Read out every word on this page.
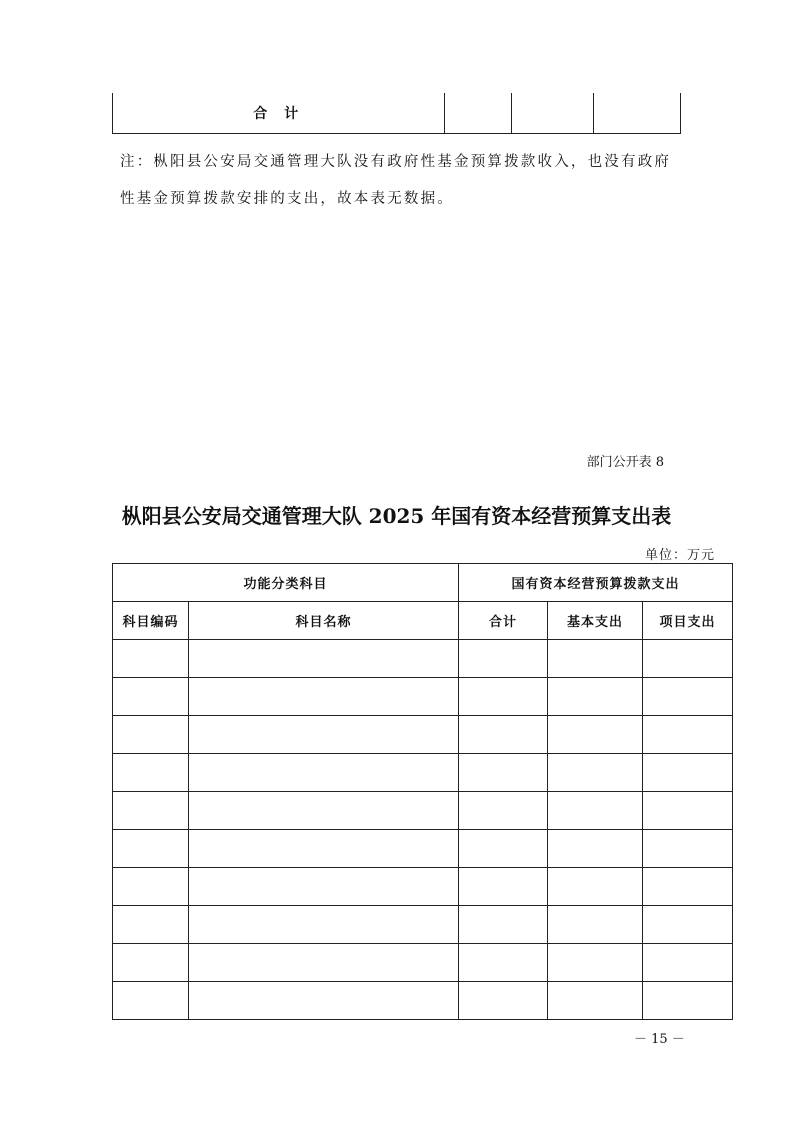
合 计			
注：枞阳县公安局交通管理大队没有政府性基金预算拨款收入，也没有政府
性基金预算拨款安排的支出，故本表无数据。
部门公开表 8
枞阳县公安局交通管理大队 2025 年国有资本经营预算支出表
单位：万元
功能分类科目		国有资本经营预算拨款支出		
科目编码	科目名称	合计	基本支出	项目支出

－ 15 －
